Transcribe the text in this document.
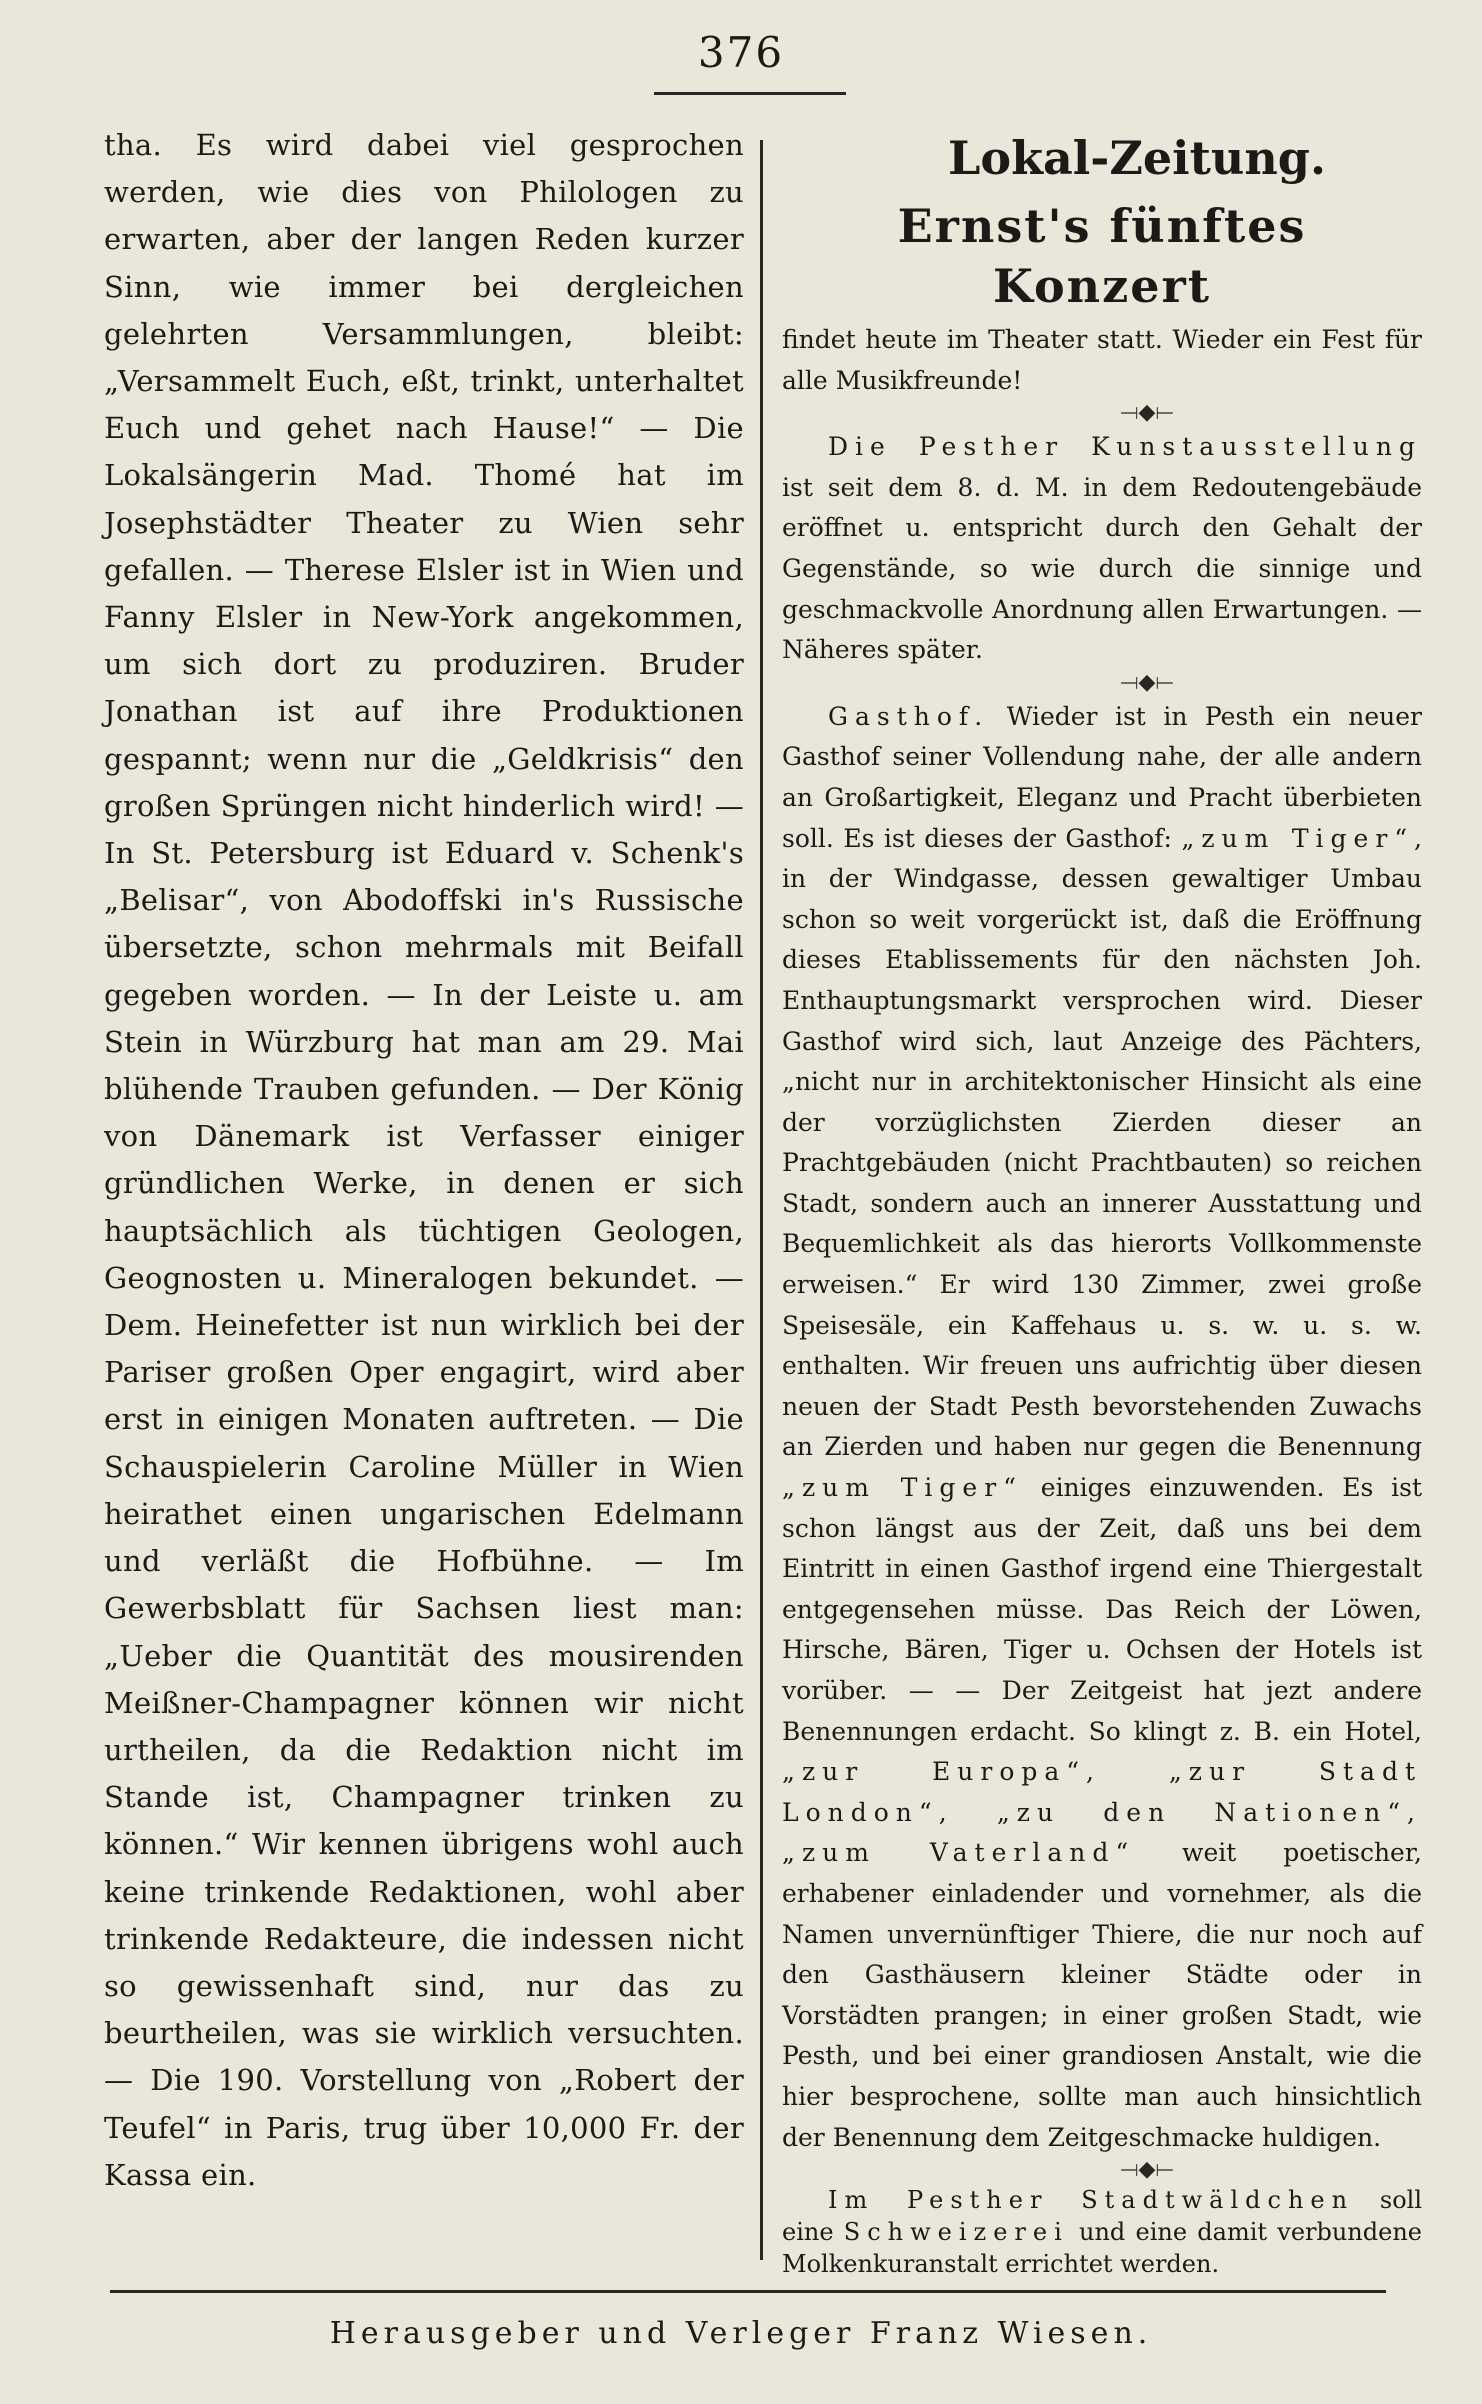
376

tha. Es wird dabei viel gesprochen werden, wie dies von Philologen zu erwarten, aber der langen Reden kurzer Sinn, wie immer bei dergleichen gelehrten Versammlungen, bleibt: „Versammelt Euch, eßt, trinkt, unterhaltet Euch und gehet nach Hause!“ — Die Lokalsängerin Mad. Thomé hat im Josephstädter Theater zu Wien sehr gefallen. — Therese Elsler ist in Wien und Fanny Elsler in New-York angekommen, um sich dort zu produziren. Bruder Jonathan ist auf ihre Produktionen gespannt; wenn nur die „Geldkrisis“ den großen Sprüngen nicht hinderlich wird! — In St. Petersburg ist Eduard v. Schenk's „Belisar“, von Abodoffski in's Russische übersetzte, schon mehrmals mit Beifall gegeben worden. — In der Leiste u. am Stein in Würzburg hat man am 29. Mai blühende Trauben gefunden. — Der König von Dänemark ist Verfasser einiger gründlichen Werke, in denen er sich hauptsächlich als tüchtigen Geologen, Geognosten u. Mineralogen bekundet. — Dem. Heinefetter ist nun wirklich bei der Pariser großen Oper engagirt, wird aber erst in einigen Monaten auftreten. — Die Schauspielerin Caroline Müller in Wien heirathet einen ungarischen Edelmann und verläßt die Hofbühne. — Im Gewerbsblatt für Sachsen liest man: „Ueber die Quantität des mousirenden Meißner-Champagner können wir nicht urtheilen, da die Redaktion nicht im Stande ist, Champagner trinken zu können.“ Wir kennen übrigens wohl auch keine trinkende Redaktionen, wohl aber trinkende Redakteure, die indessen nicht so gewissenhaft sind, nur das zu beurtheilen, was sie wirklich versuchten. — Die 190. Vorstellung von „Robert der Teufel“ in Paris, trug über 10,000 Fr. der Kassa ein.

Lokal-Zeitung.
Ernst's fünftes Konzert

findet heute im Theater statt. Wieder ein Fest für alle Musikfreunde!

⟞◆⟝

Die Pesther Kunstausstellung ist seit dem 8. d. M. in dem Redoutengebäude eröffnet u. entspricht durch den Gehalt der Gegenstände, so wie durch die sinnige und geschmackvolle Anordnung allen Erwartungen. — Näheres später.

⟞◆⟝

Gasthof. Wieder ist in Pesth ein neuer Gasthof seiner Vollendung nahe, der alle andern an Großartigkeit, Eleganz und Pracht überbieten soll. Es ist dieses der Gasthof: „zum Tiger“, in der Windgasse, dessen gewaltiger Umbau schon so weit vorgerückt ist, daß die Eröffnung dieses Etablissements für den nächsten Joh. Enthauptungsmarkt versprochen wird. Dieser Gasthof wird sich, laut Anzeige des Pächters, „nicht nur in architektonischer Hinsicht als eine der vorzüglichsten Zierden dieser an Prachtgebäuden (nicht Prachtbauten) so reichen Stadt, sondern auch an innerer Ausstattung und Bequemlichkeit als das hierorts Vollkommenste erweisen.“ Er wird 130 Zimmer, zwei große Speisesäle, ein Kaffehaus u. s. w. u. s. w. enthalten. Wir freuen uns aufrichtig über diesen neuen der Stadt Pesth bevorstehenden Zuwachs an Zierden und haben nur gegen die Benennung „zum Tiger“ einiges einzuwenden. Es ist schon längst aus der Zeit, daß uns bei dem Eintritt in einen Gasthof irgend eine Thiergestalt entgegensehen müsse. Das Reich der Löwen, Hirsche, Bären, Tiger u. Ochsen der Hotels ist vorüber. — — Der Zeitgeist hat jezt andere Benennungen erdacht. So klingt z. B. ein Hotel, „zur Europa“, „zur Stadt London“, „zu den Nationen“, „zum Vaterland“ weit poetischer, erhabener einladender und vornehmer, als die Namen unvernünftiger Thiere, die nur noch auf den Gasthäusern kleiner Städte oder in Vorstädten prangen; in einer großen Stadt, wie Pesth, und bei einer grandiosen Anstalt, wie die hier besprochene, sollte man auch hinsichtlich der Benennung dem Zeitgeschmacke huldigen.

⟞◆⟝

Im Pesther Stadtwäldchen soll eine Schweizerei und eine damit verbundene Molkenkuranstalt errichtet werden.

Herausgeber und Verleger Franz Wiesen.
